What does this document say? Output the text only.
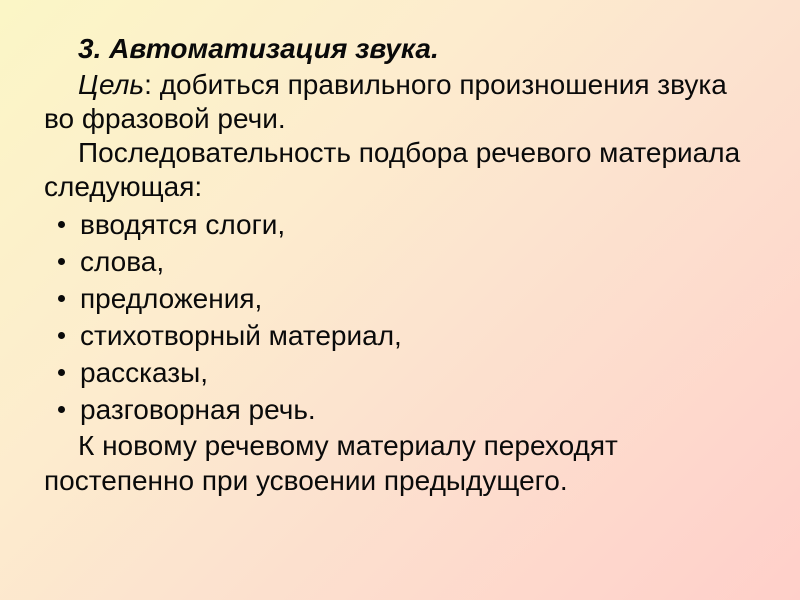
3. Автоматизация звука.

Цель: добиться правильного произношения звука во фразовой речи.

Последовательность подбора речевого материала следующая:

вводятся слоги,
слова,
предложения,
стихотворный материал,
рассказы,
разговорная речь.

К новому речевому материалу переходят постепенно при усвоении предыдущего.
